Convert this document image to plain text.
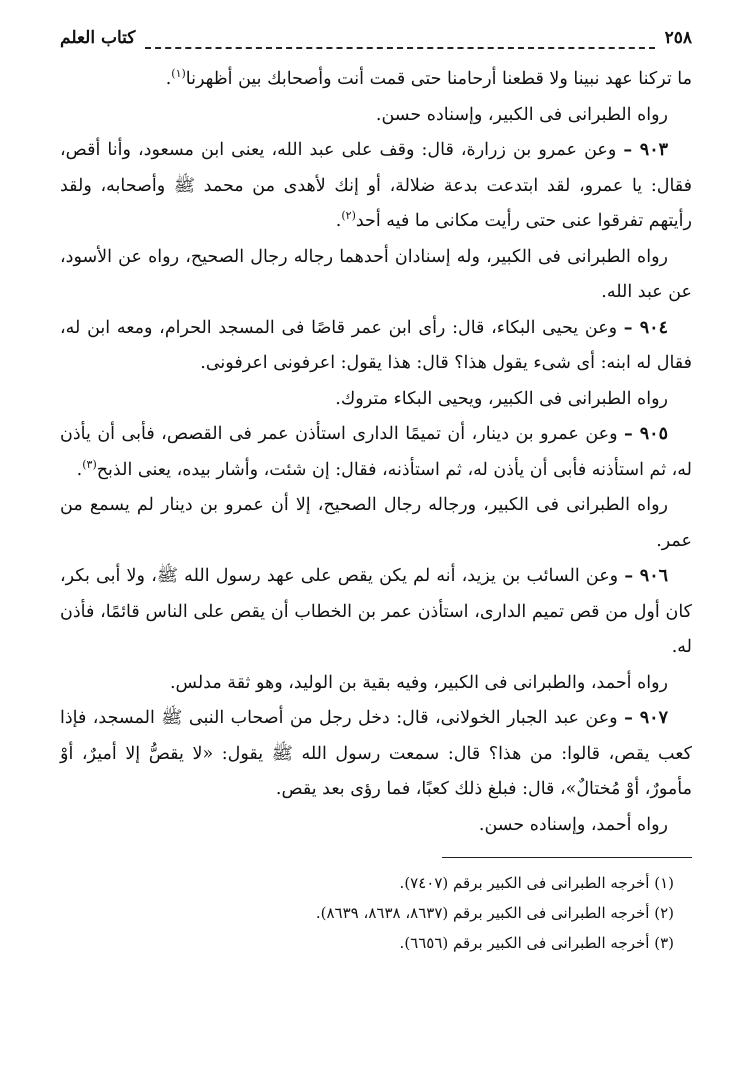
٢٥٨
كتاب العلم

ما تركنا عهد نبينا ولا قطعنا أرحامنا حتى قمت أنت وأصحابك بين أظهرنا$^{(١)}$.

رواه الطبرانى فى الكبير، وإسناده حسن.

٩٠٣ – وعن عمرو بن زرارة، قال: وقف على عبد الله، يعنى ابن مسعود، وأنا أقص، فقال: يا عمرو، لقد ابتدعت بدعة ضلالة، أو إنك لأهدى من محمد ﷺ وأصحابه، ولقد رأيتهم تفرقوا عنى حتى رأيت مكانى ما فيه أحد$^{(٢)}$.

رواه الطبرانى فى الكبير، وله إسنادان أحدهما رجاله رجال الصحيح، رواه عن الأسود، عن عبد الله.

٩٠٤ – وعن يحيى البكاء، قال: رأى ابن عمر قاصًا فى المسجد الحرام، ومعه ابن له، فقال له ابنه: أى شىء يقول هذا؟ قال: هذا يقول: اعرفونى اعرفونى.

رواه الطبرانى فى الكبير، ويحيى البكاء متروك.

٩٠٥ – وعن عمرو بن دينار، أن تميمًا الدارى استأذن عمر فى القصص، فأبى أن يأذن له، ثم استأذنه فأبى أن يأذن له، ثم استأذنه، فقال: إن شئت، وأشار بيده، يعنى الذبح$^{(٣)}$.

رواه الطبرانى فى الكبير، ورجاله رجال الصحيح، إلا أن عمرو بن دينار لم يسمع من عمر.

٩٠٦ – وعن السائب بن يزيد، أنه لم يكن يقص على عهد رسول الله ﷺ، ولا أبى بكر، كان أول من قص تميم الدارى، استأذن عمر بن الخطاب أن يقص على الناس قائمًا، فأذن له.

رواه أحمد، والطبرانى فى الكبير، وفيه بقية بن الوليد، وهو ثقة مدلس.

٩٠٧ – وعن عبد الجبار الخولانى، قال: دخل رجل من أصحاب النبى ﷺ المسجد، فإذا كعب يقص، قالوا: من هذا؟ قال: سمعت رسول الله ﷺ يقول: «لا يقصُّ إلا أميرٌ، أوْ مأمورٌ، أوْ مُختالٌ»، قال: فبلغ ذلك كعبًا، فما رؤى بعد يقص.

رواه أحمد، وإسناده حسن.

(١) أخرجه الطبرانى فى الكبير برقم (٧٤٠٧).

(٢) أخرجه الطبرانى فى الكبير برقم (٨٦٣٧، ٨٦٣٨، ٨٦٣٩).

(٣) أخرجه الطبرانى فى الكبير برقم (٦٦٥٦).
